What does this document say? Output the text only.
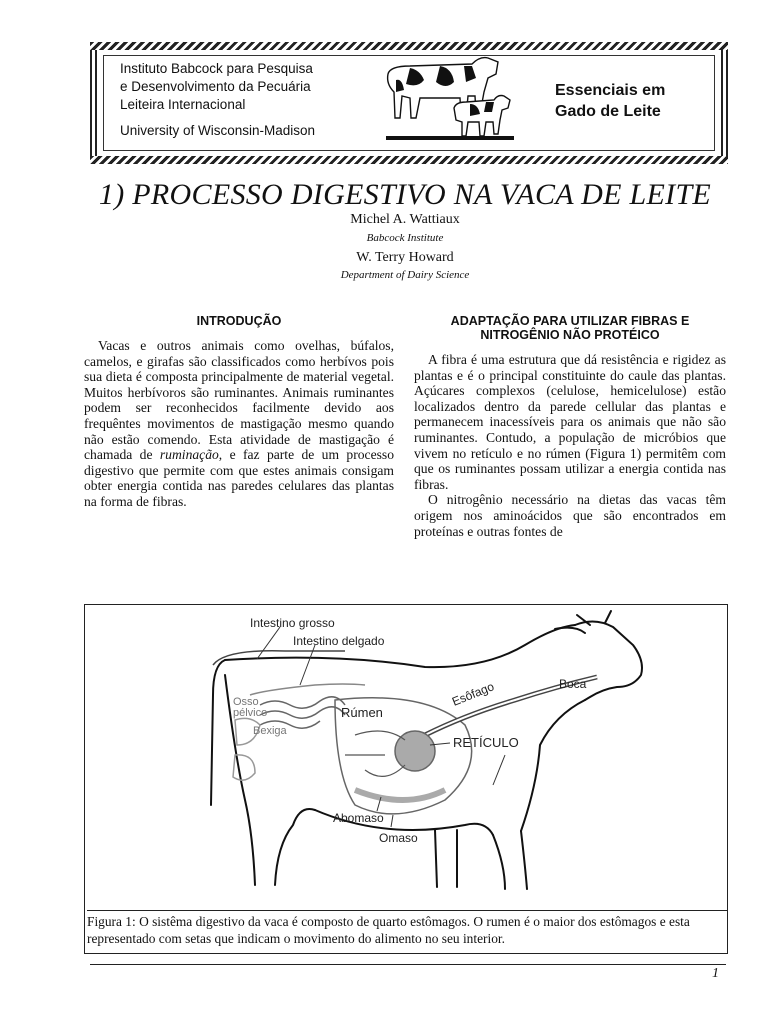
Instituto Babcock para Pesquisa
e Desenvolvimento da Pecuária
Leiteira Internacional
University of Wisconsin-Madison
Essenciais em
Gado de Leite
1) PROCESSO DIGESTIVO NA VACA DE LEITE
Michel A. Wattiaux
Babcock Institute
W. Terry Howard
Department of Dairy Science
INTRODUÇÃO

Vacas e outros animais como ovelhas, búfalos, camelos, e girafas são classificados como herbívos pois sua dieta é composta principalmente de material vegetal. Muitos herbívoros são ruminantes. Animais ruminantes podem ser reconhecidos facilmente devido aos frequêntes movimentos de mastigação mesmo quando não estão comendo. Esta atividade de mastigação é chamada de ruminação, e faz parte de um processo digestivo que permite com que estes animais consigam obter energia contida nas paredes celulares das plantas na forma de fibras.

ADAPTAÇÃO PARA UTILIZAR FIBRAS E
NITROGÊNIO NÃO PROTÉICO

A fibra é uma estrutura que dá resistência e rigidez as plantas e é o principal constituinte do caule das plantas. Açúcares complexos (celulose, hemicelulose) estão localizados dentro da parede cellular das plantas e permanecem inacessíveis para os animais que não são ruminantes. Contudo, a população de micróbios que vivem no retículo e no rúmen (Figura 1) permitêm com que os ruminantes possam utilizar a energia contida nas fibras.

O nitrogênio necessário na dietas das vacas têm origem nos aminoácidos que são encontrados em proteínas e outras fontes de

Intestino grosso
Intestino delgado
Osso
pélvico
Bexiga
Rúmen
Esôfago	Boca
RETÍCULO
Abomaso
Omaso
Figura 1: O sistêma digestivo da vaca é composto de quarto estômagos. O rumen é o maior dos estômagos e esta representado com setas que indicam o movimento do alimento no seu interior.
1
